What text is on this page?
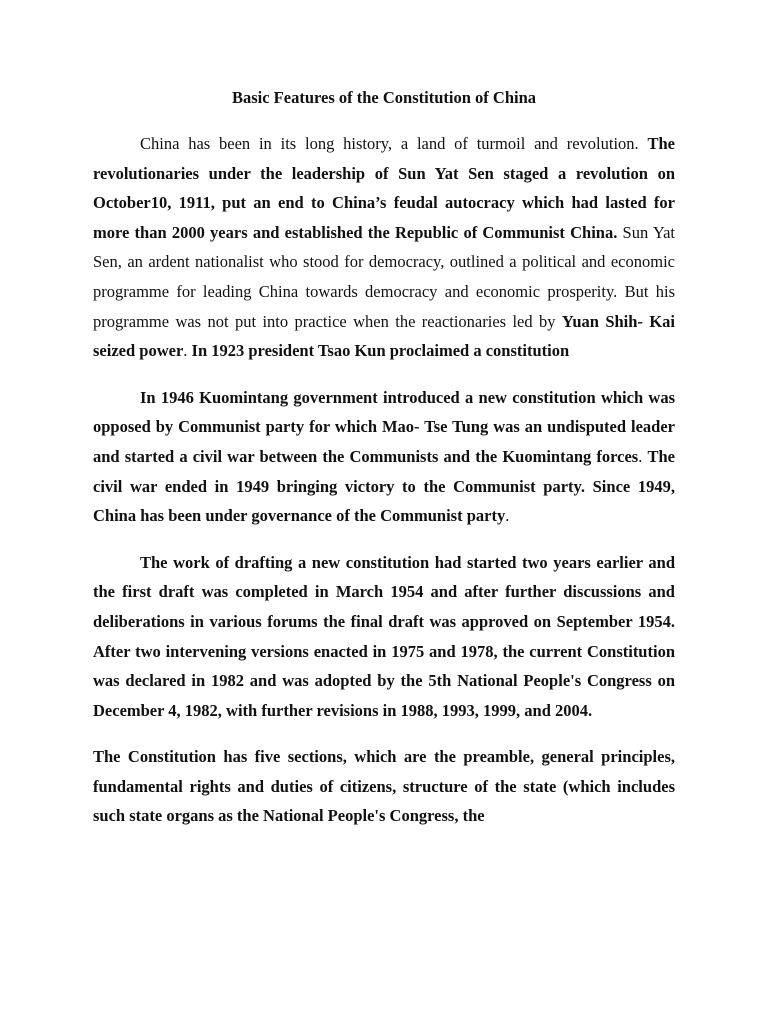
Basic Features of the Constitution of China

China has been in its long history, a land of turmoil and revolution. The revolutionaries under the leadership of Sun Yat Sen staged a revolution on October10, 1911, put an end to China’s feudal autocracy which had lasted for more than 2000 years and established the Republic of Communist China. Sun Yat Sen, an ardent nationalist who stood for democracy, outlined a political and economic programme for leading China towards democracy and economic prosperity. But his programme was not put into practice when the reactionaries led by Yuan Shih- Kai seized power. In 1923 president Tsao Kun proclaimed a constitution

In 1946 Kuomintang government introduced a new constitution which was opposed by Communist party for which Mao- Tse Tung was an undisputed leader and started a civil war between the Communists and the Kuomintang forces. The civil war ended in 1949 bringing victory to the Communist party. Since 1949, China has been under governance of the Communist party.

The work of drafting a new constitution had started two years earlier and the first draft was completed in March 1954 and after further discussions and deliberations in various forums the final draft was approved on September 1954. After two intervening versions enacted in 1975 and 1978, the current Constitution was declared in 1982 and was adopted by the 5th National People's Congress on December 4, 1982, with further revisions in 1988, 1993, 1999, and 2004.

The Constitution has five sections, which are the preamble, general principles, fundamental rights and duties of citizens, structure of the state (which includes such state organs as the National People's Congress, the
